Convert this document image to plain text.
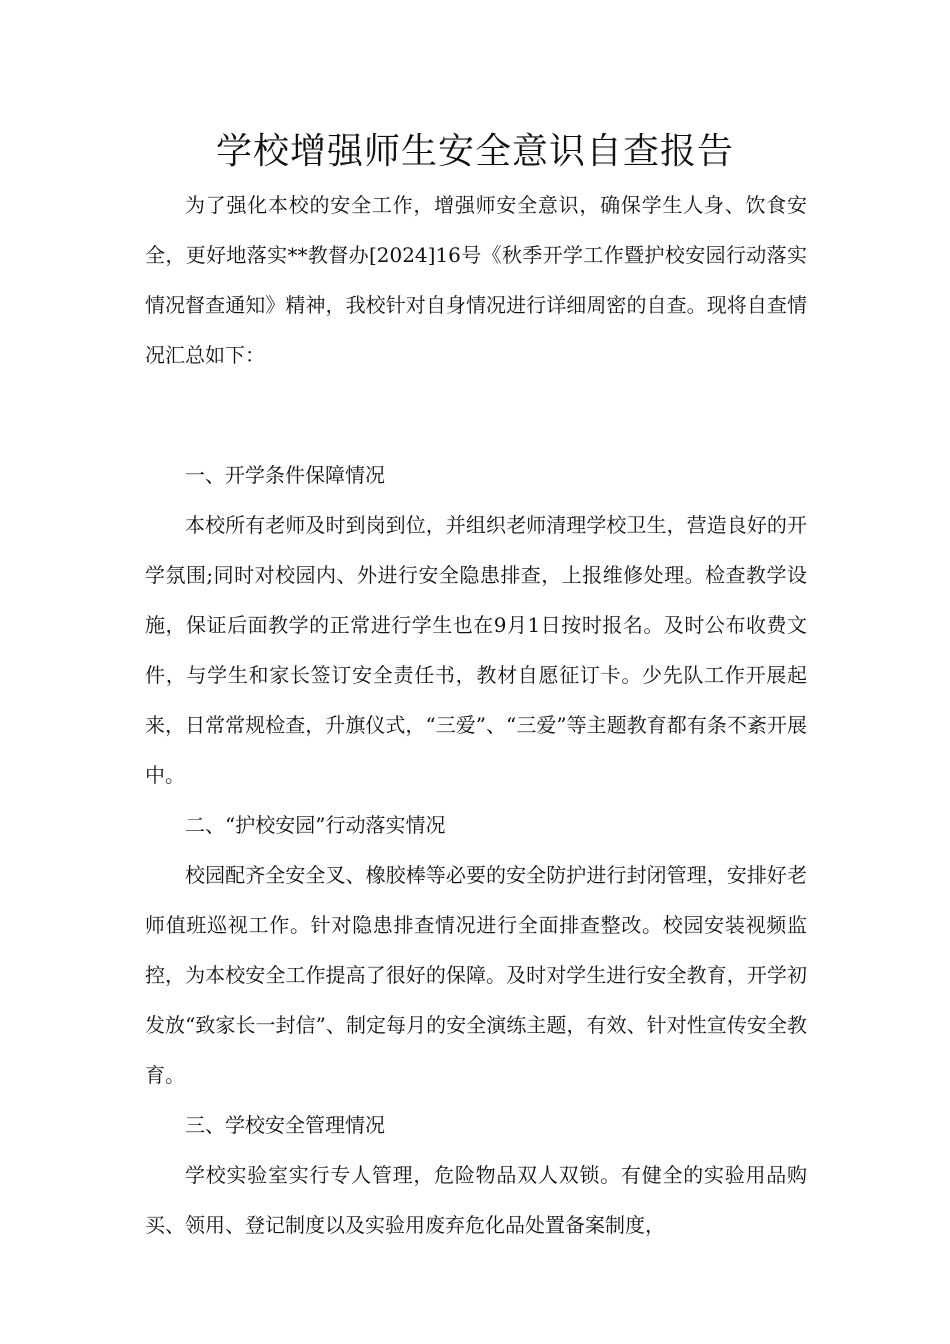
学校增强师生安全意识自查报告

为了强化本校的安全工作，增强师安全意识，确保学生人身、饮食安全，更好地落实**教督办[2024]16号《秋季开学工作暨护校安园行动落实情况督查通知》精神，我校针对自身情况进行详细周密的自查。现将自查情况汇总如下：

一、开学条件保障情况

本校所有老师及时到岗到位，并组织老师清理学校卫生，营造良好的开学氛围;同时对校园内、外进行安全隐患排查，上报维修处理。检查教学设施，保证后面教学的正常进行学生也在9月1日按时报名。及时公布收费文件，与学生和家长签订安全责任书，教材自愿征订卡。少先队工作开展起来，日常常规检查，升旗仪式，“三爱”、“三爱”等主题教育都有条不紊开展中。

二、“护校安园”行动落实情况

校园配齐全安全叉、橡胶棒等必要的安全防护进行封闭管理，安排好老师值班巡视工作。针对隐患排查情况进行全面排查整改。校园安装视频监控，为本校安全工作提高了很好的保障。及时对学生进行安全教育，开学初发放“致家长一封信”、制定每月的安全演练主题，有效、针对性宣传安全教育。

三、学校安全管理情况

学校实验室实行专人管理，危险物品双人双锁。有健全的实验用品购买、领用、登记制度以及实验用废弃危化品处置备案制度，
